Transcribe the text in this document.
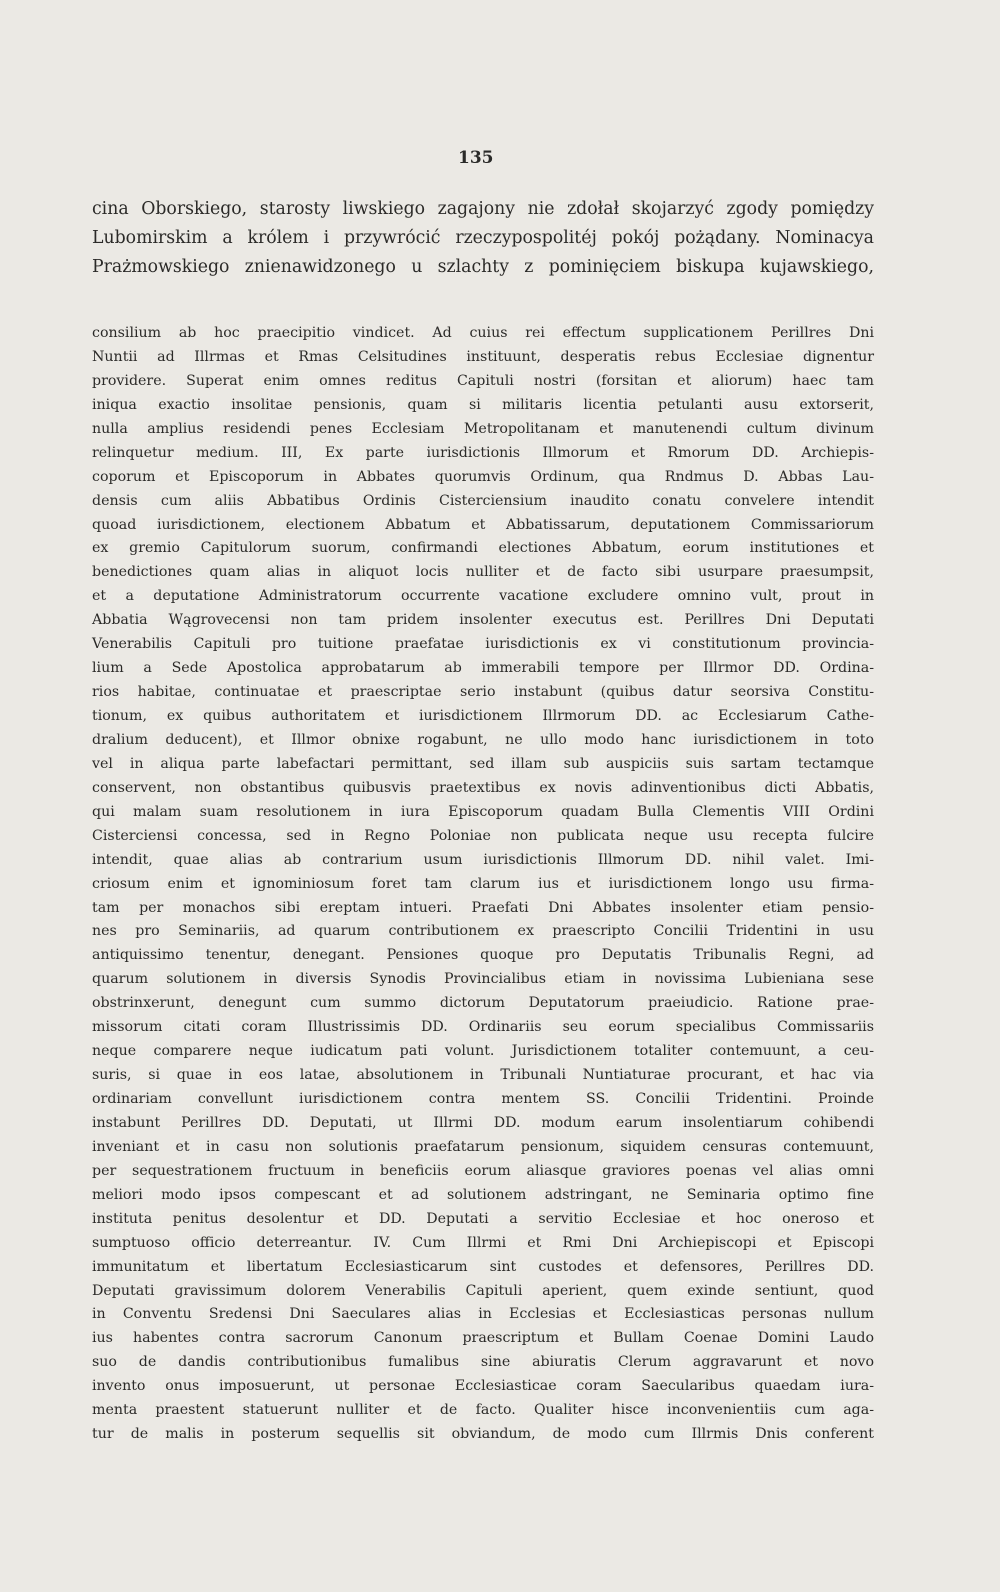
135
cina Oborskiego, starosty liwskiego zagajony nie zdołał skojarzyć zgody pomiędzy
Lubomirskim a królem i przywrócić rzeczypospolitéj pokój pożądany. Nominacya
Prażmowskiego znienawidzonego u szlachty z pominięciem biskupa kujawskiego,
consilium ab hoc praecipitio vindicet. Ad cuius rei effectum supplicationem Perillres Dni
Nuntii ad Illrmas et Rmas Celsitudines instituunt, desperatis rebus Ecclesiae dignentur
providere. Superat enim omnes reditus Capituli nostri (forsitan et aliorum) haec tam
iniqua exactio insolitae pensionis, quam si militaris licentia petulanti ausu extorserit,
nulla amplius residendi penes Ecclesiam Metropolitanam et manutenendi cultum divinum
relinquetur medium. III, Ex parte iurisdictionis Illmorum et Rmorum DD. Archiepis-
coporum et Episcoporum in Abbates quorumvis Ordinum, qua Rndmus D. Abbas Lau-
densis cum aliis Abbatibus Ordinis Cisterciensium inaudito conatu convelere intendit
quoad iurisdictionem, electionem Abbatum et Abbatissarum, deputationem Commissariorum
ex gremio Capitulorum suorum, confirmandi electiones Abbatum, eorum institutiones et
benedictiones quam alias in aliquot locis nulliter et de facto sibi usurpare praesumpsit,
et a deputatione Administratorum occurrente vacatione excludere omnino vult, prout in
Abbatia Wągrovecensi non tam pridem insolenter executus est. Perillres Dni Deputati
Venerabilis Capituli pro tuitione praefatae iurisdictionis ex vi constitutionum provincia-
lium a Sede Apostolica approbatarum ab immerabili tempore per Illrmor DD. Ordina-
rios habitae, continuatae et praescriptae serio instabunt (quibus datur seorsiva Constitu-
tionum, ex quibus authoritatem et iurisdictionem Illrmorum DD. ac Ecclesiarum Cathe-
dralium deducent), et Illmor obnixe rogabunt, ne ullo modo hanc iurisdictionem in toto
vel in aliqua parte labefactari permittant, sed illam sub auspiciis suis sartam tectamque
conservent, non obstantibus quibusvis praetextibus ex novis adinventionibus dicti Abbatis,
qui malam suam resolutionem in iura Episcoporum quadam Bulla Clementis VIII Ordini
Cisterciensi concessa, sed in Regno Poloniae non publicata neque usu recepta fulcire
intendit, quae alias ab contrarium usum iurisdictionis Illmorum DD. nihil valet. Imi-
criosum enim et ignominiosum foret tam clarum ius et iurisdictionem longo usu firma-
tam per monachos sibi ereptam intueri. Praefati Dni Abbates insolenter etiam pensio-
nes pro Seminariis, ad quarum contributionem ex praescripto Concilii Tridentini in usu
antiquissimo tenentur, denegant. Pensiones quoque pro Deputatis Tribunalis Regni, ad
quarum solutionem in diversis Synodis Provincialibus etiam in novissima Lubieniana sese
obstrinxerunt, denegunt cum summo dictorum Deputatorum praeiudicio. Ratione prae-
missorum citati coram Illustrissimis DD. Ordinariis seu eorum specialibus Commissariis
neque comparere neque iudicatum pati volunt. Jurisdictionem totaliter contemuunt, a ceu-
suris, si quae in eos latae, absolutionem in Tribunali Nuntiaturae procurant, et hac via
ordinariam convellunt iurisdictionem contra mentem SS. Concilii Tridentini. Proinde
instabunt Perillres DD. Deputati, ut Illrmi DD. modum earum insolentiarum cohibendi
inveniant et in casu non solutionis praefatarum pensionum, siquidem censuras contemuunt,
per sequestrationem fructuum in beneficiis eorum aliasque graviores poenas vel alias omni
meliori modo ipsos compescant et ad solutionem adstringant, ne Seminaria optimo fine
instituta penitus desolentur et DD. Deputati a servitio Ecclesiae et hoc oneroso et
sumptuoso officio deterreantur. IV. Cum Illrmi et Rmi Dni Archiepiscopi et Episcopi
immunitatum et libertatum Ecclesiasticarum sint custodes et defensores, Perillres DD.
Deputati gravissimum dolorem Venerabilis Capituli aperient, quem exinde sentiunt, quod
in Conventu Sredensi Dni Saeculares alias in Ecclesias et Ecclesiasticas personas nullum
ius habentes contra sacrorum Canonum praescriptum et Bullam Coenae Domini Laudo
suo de dandis contributionibus fumalibus sine abiuratis Clerum aggravarunt et novo
invento onus imposuerunt, ut personae Ecclesiasticae coram Saecularibus quaedam iura-
menta praestent statuerunt nulliter et de facto. Qualiter hisce inconvenientiis cum aga-
tur de malis in posterum sequellis sit obviandum, de modo cum Illrmis Dnis conferent
